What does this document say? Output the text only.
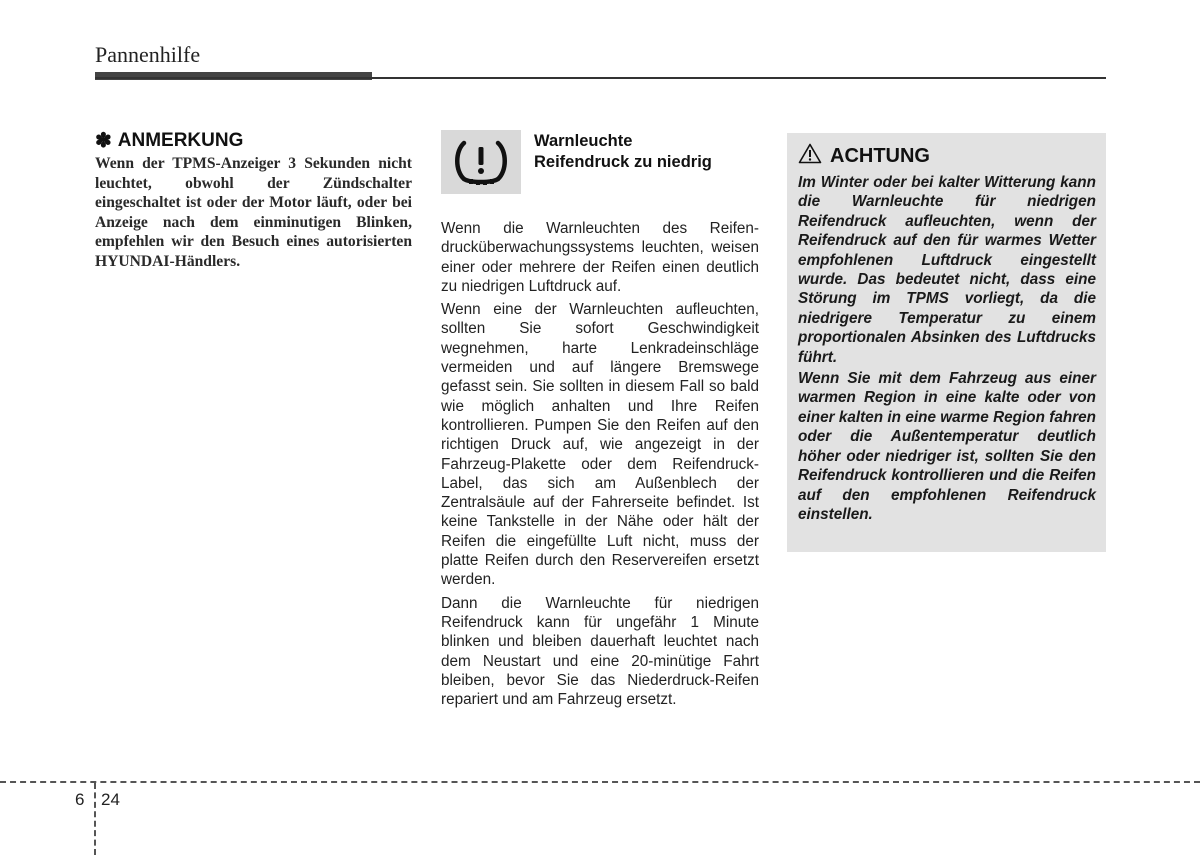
Pannenhilfe
✽ ANMERKUNG

Wenn der TPMS-Anzeiger 3 Sekunden nicht leuchtet, obwohl der Zündschalter eingeschaltet ist oder der Motor läuft, oder bei Anzeige nach dem einminutigen Blinken, empfehlen wir den Besuch eines autorisierten HYUNDAI-Händlers.

Warnleuchte
Reifendruck zu niedrig

Wenn die Warnleuchten des Reifendrucküberwachungssystems leuchten, weisen einer oder mehrere der Reifen einen deutlich zu niedrigen Luftdruck auf.

Wenn eine der Warnleuchten aufleuchten, sollten Sie sofort Geschwindigkeit wegnehmen, harte Lenkradeinschläge vermeiden und auf längere Bremswege gefasst sein. Sie sollten in diesem Fall so bald wie möglich anhalten und Ihre Reifen kontrollieren. Pumpen Sie den Reifen auf den richtigen Druck auf, wie angezeigt in der Fahrzeug-Plakette oder dem Reifendruck-Label, das sich am Außenblech der Zentralsäule auf der Fahrerseite befindet. Ist keine Tankstelle in der Nähe oder hält der Reifen die eingefüllte Luft nicht, muss der platte Reifen durch den Reservereifen ersetzt werden.

Dann die Warnleuchte für niedrigen Reifendruck kann für ungefähr 1 Minute blinken und bleiben dauerhaft leuchtet nach dem Neustart und eine 20-minütige Fahrt bleiben, bevor Sie das Niederdruck-Reifen repariert und am Fahrzeug ersetzt.

ACHTUNG

Im Winter oder bei kalter Witterung kann die Warnleuchte für niedrigen Reifendruck aufleuchten, wenn der Reifendruck auf den für warmes Wetter empfohlenen Luftdruck eingestellt wurde. Das bedeutet nicht, dass eine Störung im TPMS vorliegt, da die niedrigere Temperatur zu einem proportionalen Absinken des Luftdrucks führt.

Wenn Sie mit dem Fahrzeug aus einer warmen Region in eine kalte oder von einer kalten in eine warme Region fahren oder die Außentemperatur deutlich höher oder niedriger ist, sollten Sie den Reifendruck kontrollieren und die Reifen auf den empfohlenen Reifendruck einstellen.

6 24
